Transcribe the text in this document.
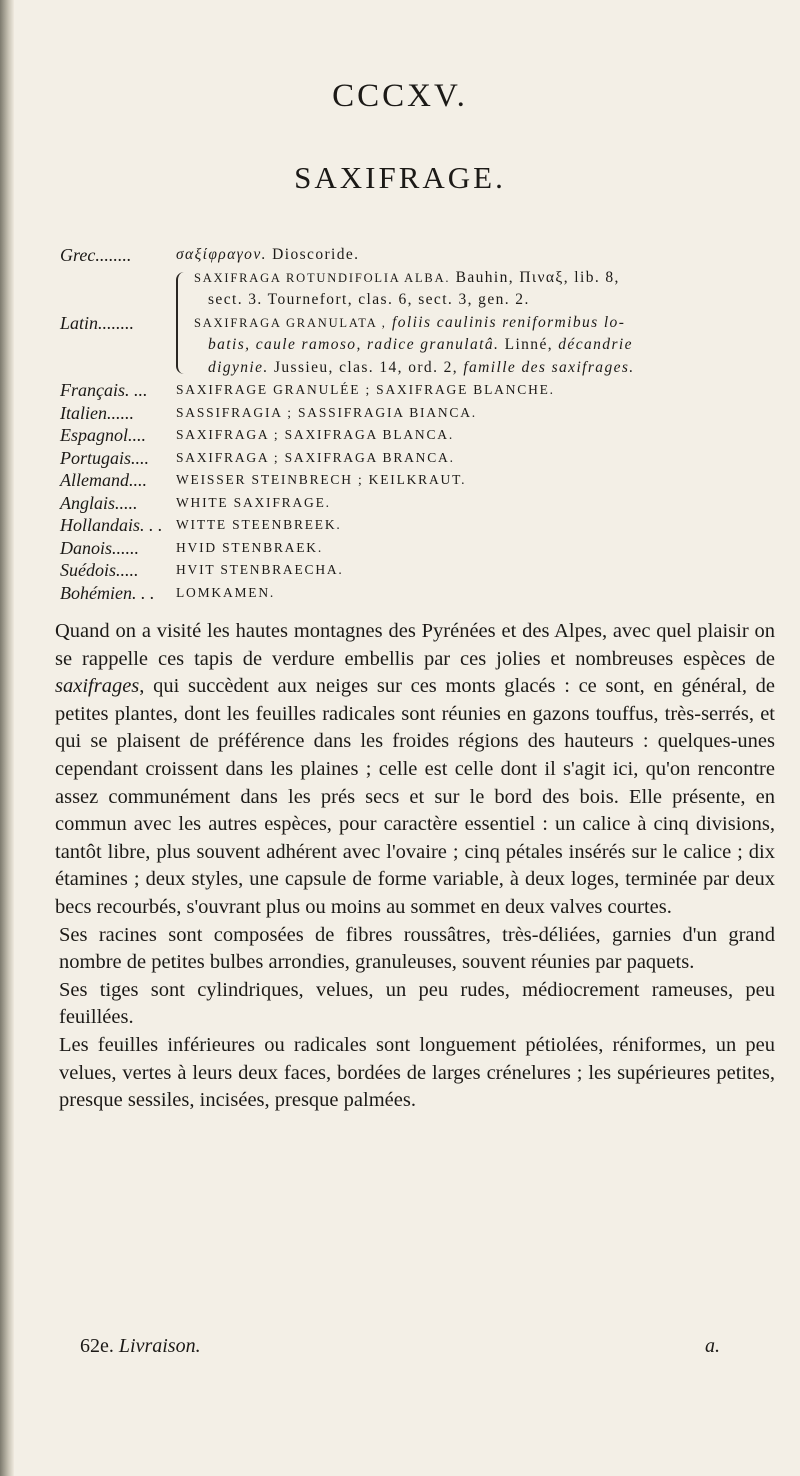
CCCXV.
SAXIFRAGE.
Grec........	σαξίφραγον. Dioscoride.
Latin........
SAXIFRAGA ROTUNDIFOLIA ALBA. Bauhin, Πιναξ, lib. 8,
sect. 3. Tournefort, clas. 6, sect. 3, gen. 2.
SAXIFRAGA GRANULATA , foliis caulinis reniformibus lo-
batis, caule ramoso, radice granulatâ. Linné, décandrie
digynie. Jussieu, clas. 14, ord. 2, famille des saxifrages.
Français. ...	SAXIFRAGE GRANULÉE ; SAXIFRAGE BLANCHE.
Italien......	SASSIFRAGIA ; SASSIFRAGIA BIANCA.
Espagnol....	SAXIFRAGA ; SAXIFRAGA BLANCA.
Portugais....	SAXIFRAGA ; SAXIFRAGA BRANCA.
Allemand....	WEISSER STEINBRECH ; KEILKRAUT.
Anglais.....	WHITE SAXIFRAGE.
Hollandais. . . WITTE STEENBREEK.
Danois......	HVID STENBRAEK.
Suédois.....	HVIT STENBRAECHA.
Bohémien. . .	LOMKAMEN.

Quand on a visité les hautes montagnes des Pyrénées et des Alpes, avec quel plaisir on se rappelle ces tapis de verdure embellis par ces jolies et nombreuses espèces de saxifrages, qui succèdent aux neiges sur ces monts glacés : ce sont, en général, de petites plantes, dont les feuilles radicales sont réunies en gazons touffus, très-serrés, et qui se plaisent de préférence dans les froides régions des hauteurs : quelques-unes cependant croissent dans les plaines ; celle est celle dont il s'agit ici, qu'on rencontre assez communément dans les prés secs et sur le bord des bois. Elle présente, en commun avec les autres espèces, pour caractère essentiel : un calice à cinq divisions, tantôt libre, plus souvent adhérent avec l'ovaire ; cinq pétales insérés sur le calice ; dix étamines ; deux styles, une capsule de forme variable, à deux loges, terminée par deux becs recourbés, s'ouvrant plus ou moins au sommet en deux valves courtes.

Ses racines sont composées de fibres roussâtres, très-déliées, garnies d'un grand nombre de petites bulbes arrondies, granuleuses, souvent réunies par paquets.

Ses tiges sont cylindriques, velues, un peu rudes, médiocrement rameuses, peu feuillées.

Les feuilles inférieures ou radicales sont longuement pétiolées, réniformes, un peu velues, vertes à leurs deux faces, bordées de larges crénelures ; les supérieures petites, presque sessiles, incisées, presque palmées.

62e. Livraison.	a.
